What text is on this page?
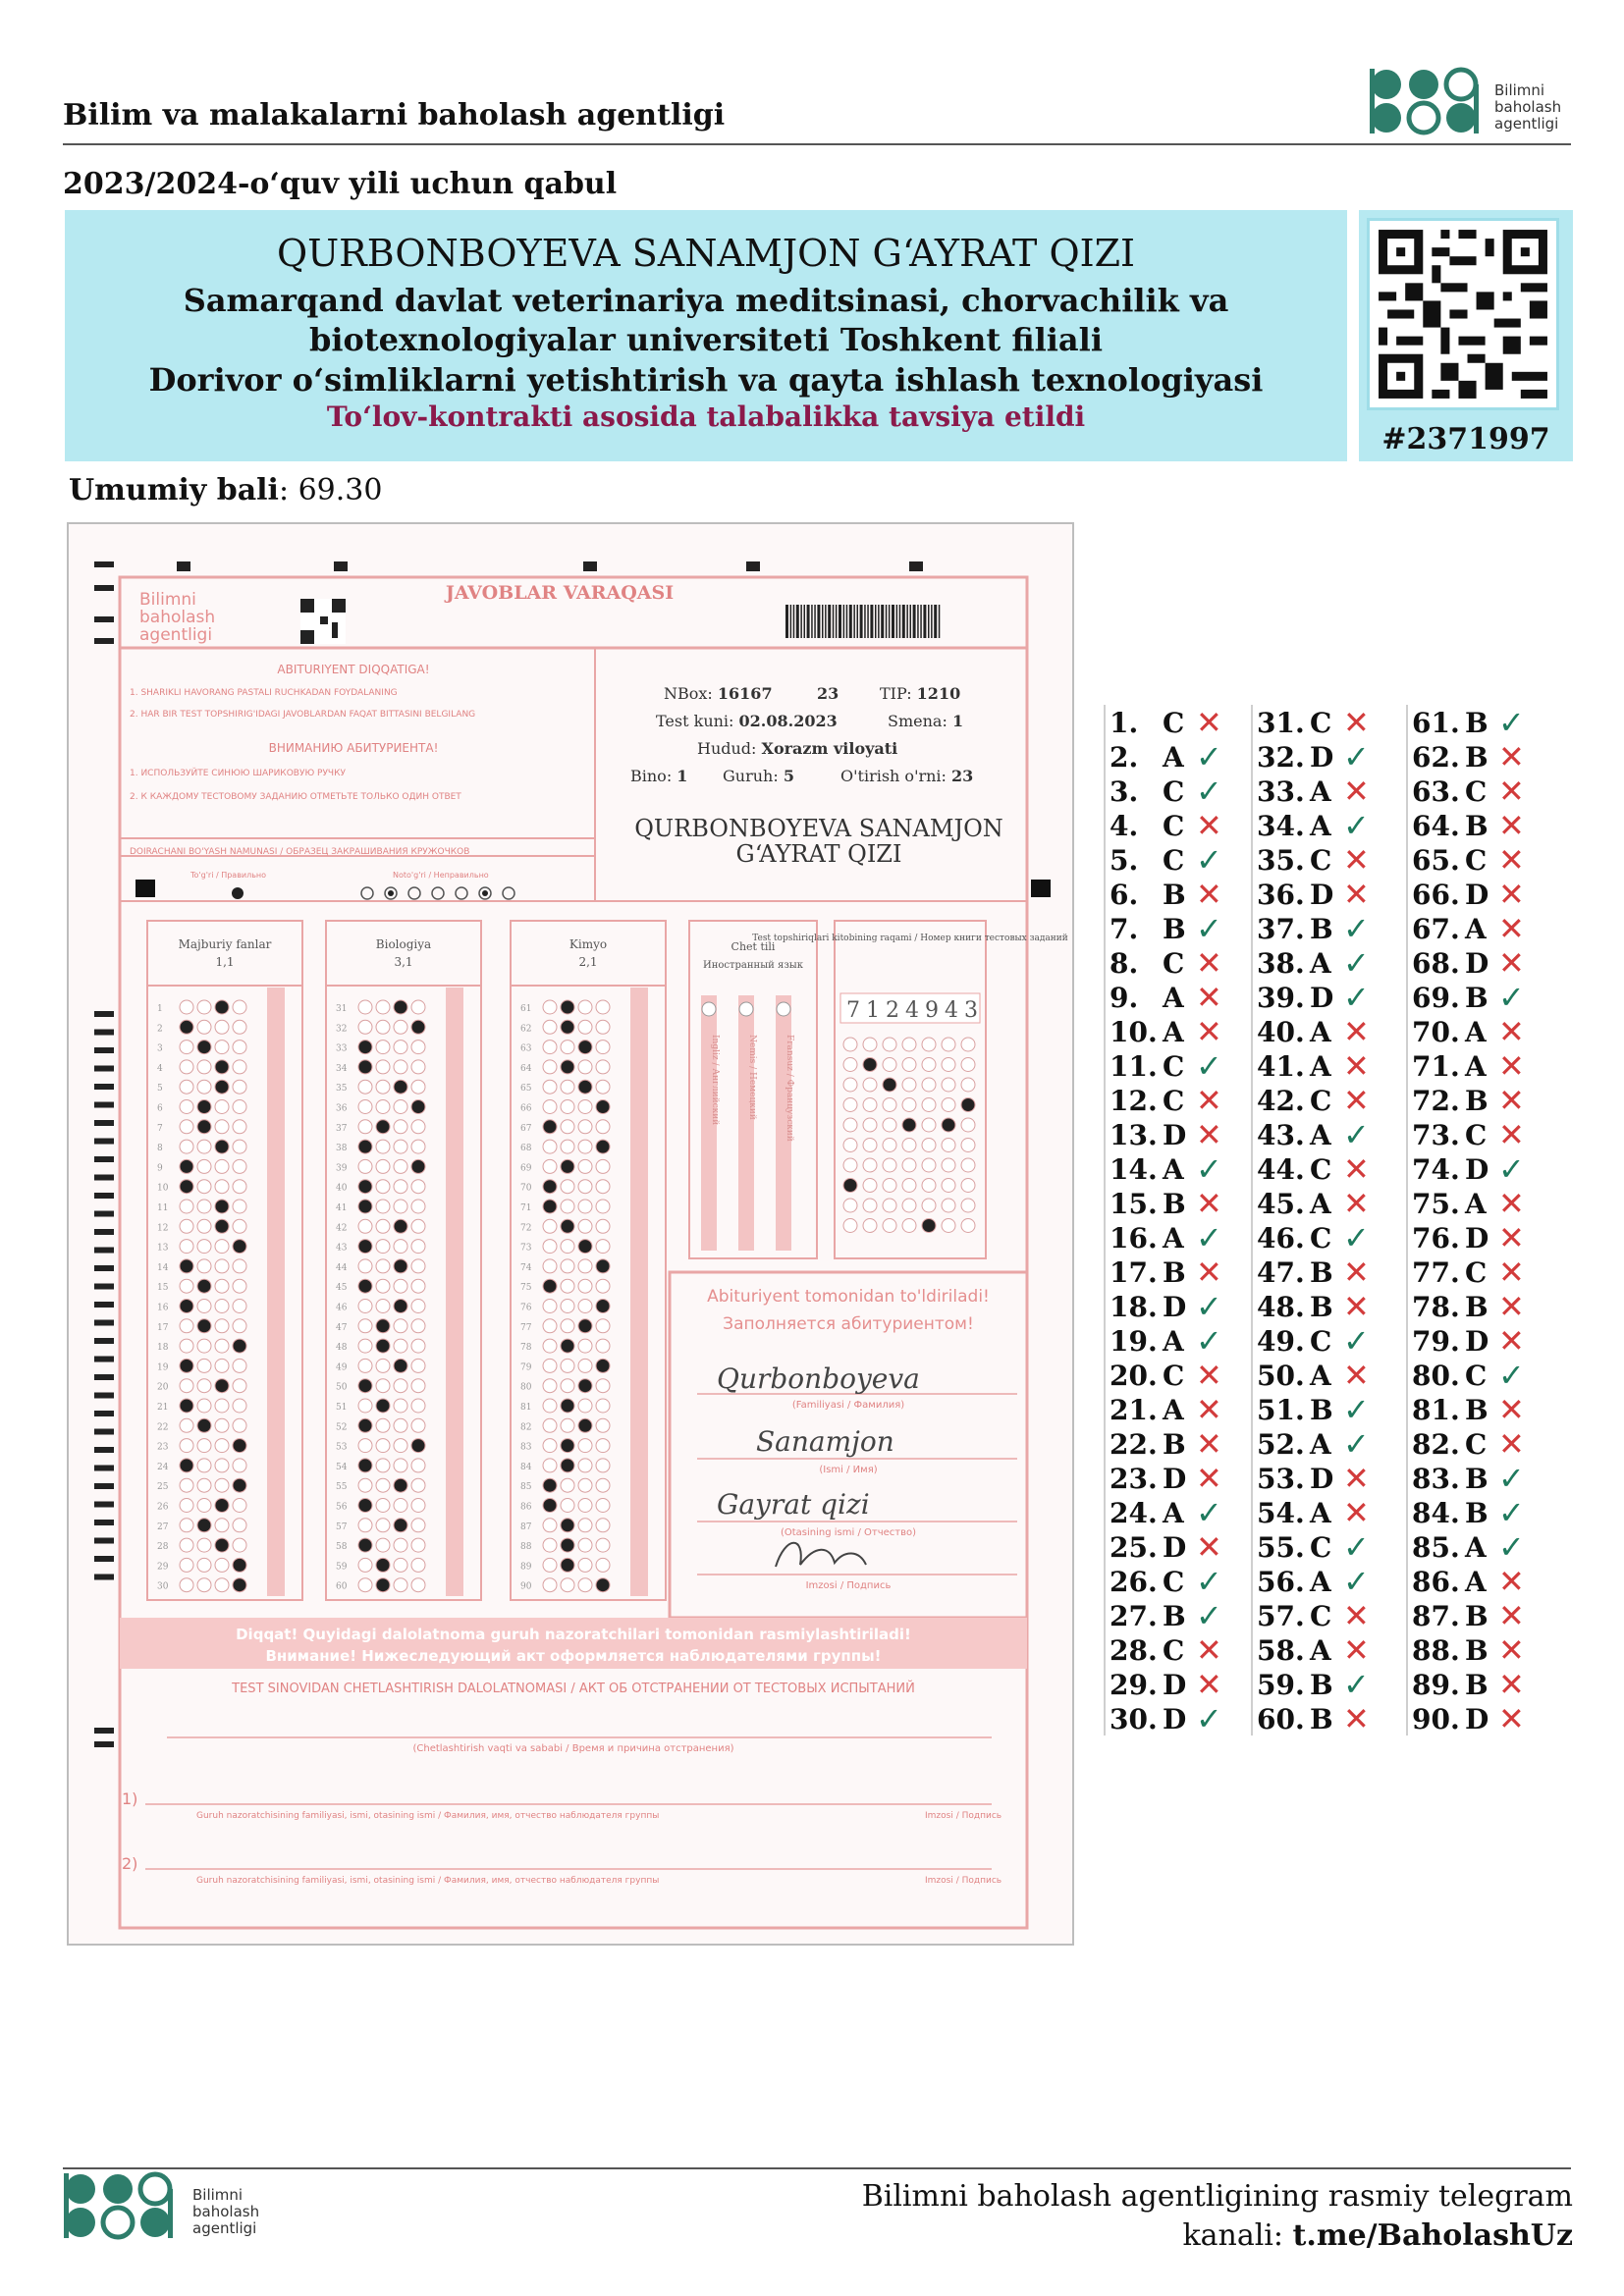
Bilim va malakalarni baholash agentligi
Bilimni
baholash
agentligi
2023/2024-o‘quv yili uchun qabul
QURBONBOYEVA SANAMJON G‘AYRAT QIZI
Samarqand davlat veterinariya meditsinasi, chorvachilik va
biotexnologiyalar universiteti Toshkent filiali
Dorivor o‘simliklarni yetishtirish va qayta ishlash texnologiyasi
To‘lov-kontrakti asosida talabalikka tavsiya etildi
#2371997
Umumiy bali: 69.30
Bilimni
baholash
agentligi
JAVOBLAR VARAQASI
ABITURIYENT DIQQATIGA!
1. SHARIKLI HAVORANG PASTALI RUCHKADAN FOYDALANING
2. HAR BIR TEST TOPSHIRIG'IDAGI JAVOBLARDAN FAQAT BITTASINI BELGILANG
ВНИМАНИЮ АБИТУРИЕНТА!
1. ИСПОЛЬЗУЙТЕ СИНЮЮ ШАРИКОВУЮ РУЧКУ
2. К КАЖДОМУ ТЕСТОВОМУ ЗАДАНИЮ ОТМЕТЬТЕ ТОЛЬКО ОДИН ОТВЕТ
DOIRACHANI BO'YASH NAMUNASI / ОБРАЗЕЦ ЗАКРАШИВАНИЯ КРУЖОЧКОВ
To'g'ri / Правильно	Noto'g'ri / Неправильно
NBox: 16167	23	TIP: 1210
Test kuni: 02.08.2023	Smena: 1
Hudud: Xorazm viloyati
Bino: 1 Guruh: 5	O'tirish o'rni: 23
QURBONBOYEVA SANAMJON
G‘AYRAT QIZI
Majburiy fanlar
1,1
1
2
3
4
5
6
7
8
9
10
11
12
13
14
15
16
17
18
19
20
21
22
23
24
25
26
27
28
29
30
Biologiya
3,1
31
32
33
34
35
36
37
38
39
40
41
42
43
44
45
46
47
48
49
50
51
52
53
54
55
56
57
58
59
60
Kimyo
2,1
61
62
63
64
65
66
67
68
69
70
71
72
73
74
75
76
77
78
79
80
81
82
83
84
85
86
87
88
89
90
Chet tili
Иностранный язык
Ingliz / Английский	Nemis / Немецкий	Fransuz / Французский
Test topshiriqlari kitobining raqami / Номер книги тестовых заданий
7124943
Abituriyent tomonidan to'ldiriladi!
Заполняется абитуриентом!
(Familiyasi / Фамилия)
(Ismi / Имя)
(Otasining ismi / Отчество)
Imzosi / Подпись
Qurbonboyeva
Sanamjon
Gayrat qizi
Diqqat! Quyidagi dalolatnoma guruh nazoratchilari tomonidan rasmiylashtiriladi!
Внимание! Нижеследующий акт оформляется наблюдателями группы!
TEST SINOVIDAN CHETLASHTIRISH DALOLATNOMASI / АКТ ОБ ОТСТРАНЕНИИ ОТ ТЕСТОВЫХ ИСПЫТАНИЙ
(Chetlashtirish vaqti va sababi / Время и причина отстранения)
1)
Guruh nazoratchisining familiyasi, ismi, otasining ismi / Фамилия, имя, отчество наблюдателя группы	Imzosi / Подпись
2)
Guruh nazoratchisining familiyasi, ismi, otasining ismi / Фамилия, имя, отчество наблюдателя группы	Imzosi / Подпись
1. C ✕
2. A ✓
3. C ✓
4. C ✕
5. C ✓
6. B ✕
7. B ✓
8. C ✕
9. A ✕
10. A ✕
11. C ✓
12. C ✕
13. D ✕
14. A ✓
15. B ✕
16. A ✓
17. B ✕
18. D ✓
19. A ✓
20. C ✕
21. A ✕
22. B ✕
23. D ✕
24. A ✓
25. D ✕
26. C ✓
27. B ✓
28. C ✕
29. D ✕
30. D ✓
31. C ✕
32. D ✓
33. A ✕
34. A ✓
35. C ✕
36. D ✕
37. B ✓
38. A ✓
39. D ✓
40. A ✕
41. A ✕
42. C ✕
43. A ✓
44. C ✕
45. A ✕
46. C ✓
47. B ✕
48. B ✕
49. C ✓
50. A ✕
51. B ✓
52. A ✓
53. D ✕
54. A ✕
55. C ✓
56. A ✓
57. C ✕
58. A ✕
59. B ✓
60. B ✕
61. B ✓
62. B ✕
63. C ✕
64. B ✕
65. C ✕
66. D ✕
67. A ✕
68. D ✕
69. B ✓
70. A ✕
71. A ✕
72. B ✕
73. C ✕
74. D ✓
75. A ✕
76. D ✕
77. C ✕
78. B ✕
79. D ✕
80. C ✓
81. B ✕
82. C ✕
83. B ✓
84. B ✓
85. A ✓
86. A ✕
87. B ✕
88. B ✕
89. B ✕
90. D ✕
Bilimni
baholash
agentligi
Bilimni baholash agentligining rasmiy telegram
kanali: t.me/BaholashUz
